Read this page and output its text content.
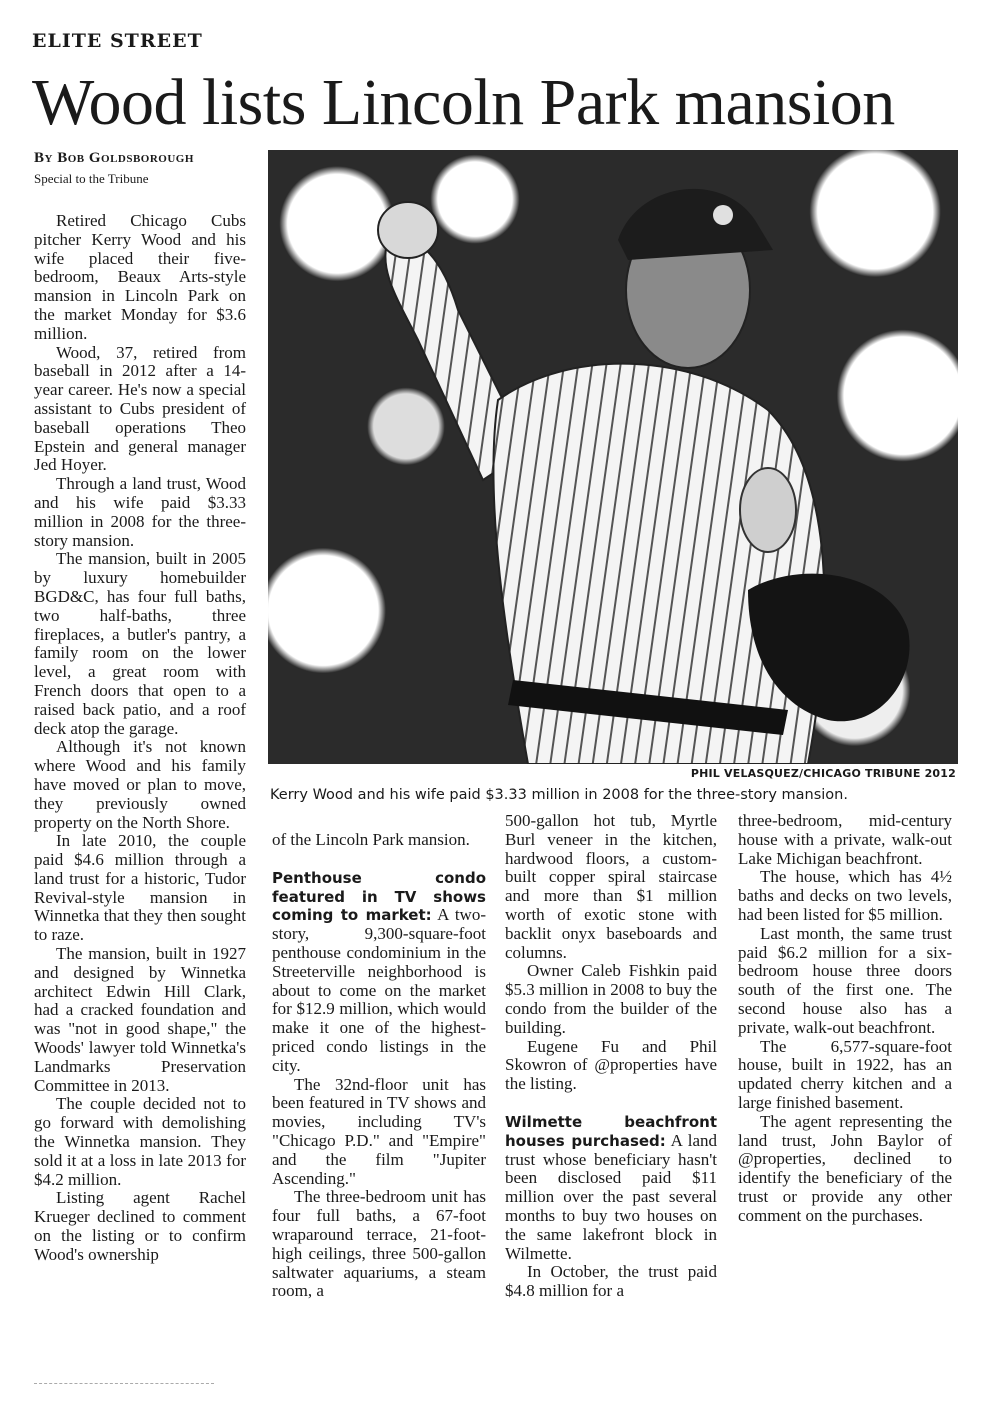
ELITE STREET
Wood lists Lincoln Park mansion
By Bob Goldsborough
Special to the Tribune
PHIL VELASQUEZ/CHICAGO TRIBUNE 2012
Kerry Wood and his wife paid $3.33 million in 2008 for the three-story mansion.

Retired Chicago Cubs pitcher Kerry Wood and his wife placed their five-bedroom, Beaux Arts-style mansion in Lincoln Park on the market Monday for $3.6 million.

Wood, 37, retired from baseball in 2012 after a 14-year career. He's now a special assistant to Cubs president of baseball operations Theo Epstein and general manager Jed Hoyer.

Through a land trust, Wood and his wife paid $3.33 million in 2008 for the three-story mansion.

The mansion, built in 2005 by luxury homebuilder BGD&C, has four full baths, two half-baths, three fireplaces, a butler's pantry, a family room on the lower level, a great room with French doors that open to a raised back patio, and a roof deck atop the garage.

Although it's not known where Wood and his family have moved or plan to move, they previously owned property on the North Shore.

In late 2010, the couple paid $4.6 million through a land trust for a historic, Tudor Revival-style mansion in Winnetka that they then sought to raze.

The mansion, built in 1927 and designed by Winnetka architect Edwin Hill Clark, had a cracked foundation and was "not in good shape," the Woods' lawyer told Winnetka's Landmarks Preservation Committee in 2013.

The couple decided not to go forward with demolishing the Winnetka mansion. They sold it at a loss in late 2013 for $4.2 million.

Listing agent Rachel Krueger declined to comment on the listing or to confirm Wood's ownership

of the Lincoln Park mansion.

Penthouse condo featured in TV shows coming to market: A two-story, 9,300-square-foot penthouse condominium in the Streeterville neighborhood is about to come on the market for $12.9 million, which would make it one of the highest-priced condo listings in the city.

The 32nd-floor unit has been featured in TV shows and movies, including TV's "Chicago P.D." and "Empire" and the film "Jupiter Ascending."

The three-bedroom unit has four full baths, a 67-foot wraparound terrace, 21-foot-high ceilings, three 500-gallon saltwater aquariums, a steam room, a

500-gallon hot tub, Myrtle Burl veneer in the kitchen, hardwood floors, a custom-built copper spiral staircase and more than $1 million worth of exotic stone with backlit onyx baseboards and columns.

Owner Caleb Fishkin paid $5.3 million in 2008 to buy the condo from the builder of the building.

Eugene Fu and Phil Skowron of @properties have the listing.

Wilmette beachfront houses purchased: A land trust whose beneficiary hasn't been disclosed paid $11 million over the past several months to buy two houses on the same lakefront block in Wilmette.

In October, the trust paid $4.8 million for a

three-bedroom, mid-century house with a private, walk-out Lake Michigan beachfront.

The house, which has 4½ baths and decks on two levels, had been listed for $5 million.

Last month, the same trust paid $6.2 million for a six-bedroom house three doors south of the first one. The second house also has a private, walk-out beachfront.

The 6,577-square-foot house, built in 1922, has an updated cherry kitchen and a large finished basement.

The agent representing the land trust, John Baylor of @properties, declined to identify the beneficiary of the trust or provide any other comment on the purchases.
